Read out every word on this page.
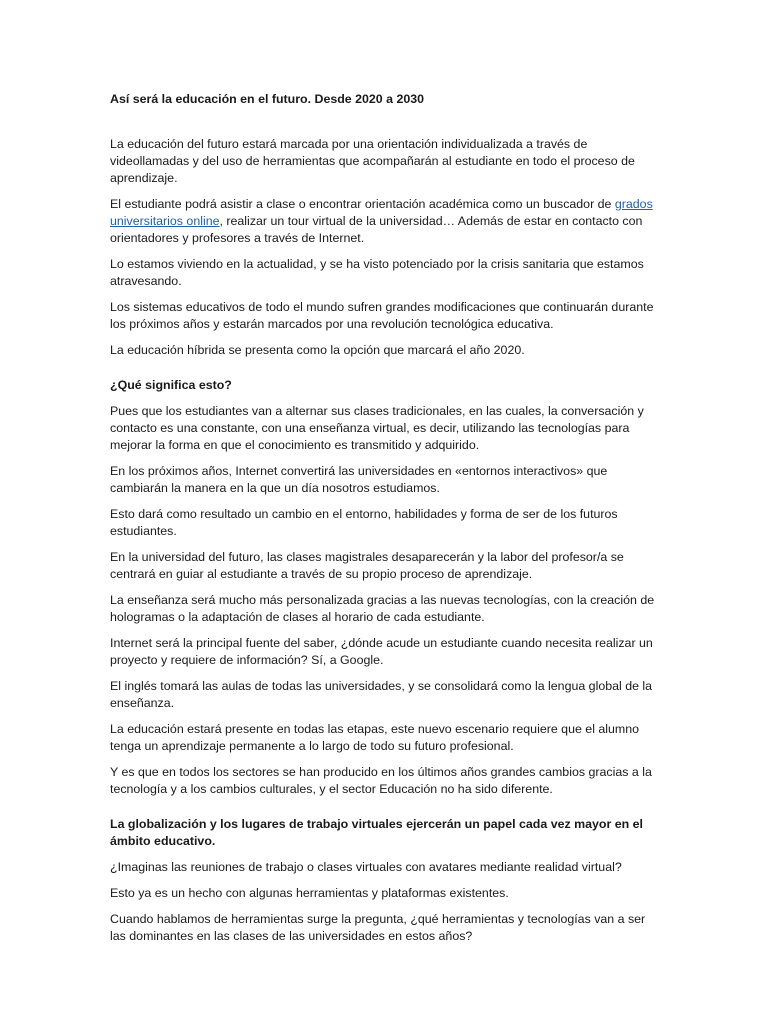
Así será la educación en el futuro. Desde 2020 a 2030

La educación del futuro estará marcada por una orientación individualizada a través de videollamadas y del uso de herramientas que acompañarán al estudiante en todo el proceso de aprendizaje.

El estudiante podrá asistir a clase o encontrar orientación académica como un buscador de grados universitarios online, realizar un tour virtual de la universidad… Además de estar en contacto con orientadores y profesores a través de Internet.

Lo estamos viviendo en la actualidad, y se ha visto potenciado por la crisis sanitaria que estamos atravesando.

Los sistemas educativos de todo el mundo sufren grandes modificaciones que continuarán durante los próximos años y estarán marcados por una revolución tecnológica educativa.

La educación híbrida se presenta como la opción que marcará el año 2020.

¿Qué significa esto?

Pues que los estudiantes van a alternar sus clases tradicionales, en las cuales, la conversación y contacto es una constante, con una enseñanza virtual, es decir, utilizando las tecnologías para mejorar la forma en que el conocimiento es transmitido y adquirido.

En los próximos años, Internet convertirá las universidades en «entornos interactivos» que cambiarán la manera en la que un día nosotros estudiamos.

Esto dará como resultado un cambio en el entorno, habilidades y forma de ser de los futuros estudiantes.

En la universidad del futuro, las clases magistrales desaparecerán y la labor del profesor/a se centrará en guiar al estudiante a través de su propio proceso de aprendizaje.

La enseñanza será mucho más personalizada gracias a las nuevas tecnologías, con la creación de hologramas o la adaptación de clases al horario de cada estudiante.

Internet será la principal fuente del saber, ¿dónde acude un estudiante cuando necesita realizar un proyecto y requiere de información? Sí, a Google.

El inglés tomará las aulas de todas las universidades, y se consolidará como la lengua global de la enseñanza.

La educación estará presente en todas las etapas, este nuevo escenario requiere que el alumno tenga un aprendizaje permanente a lo largo de todo su futuro profesional.

Y es que en todos los sectores se han producido en los últimos años grandes cambios gracias a la tecnología y a los cambios culturales, y el sector Educación no ha sido diferente.

La globalización y los lugares de trabajo virtuales ejercerán un papel cada vez mayor en el ámbito educativo.

¿Imaginas las reuniones de trabajo o clases virtuales con avatares mediante realidad virtual?

Esto ya es un hecho con algunas herramientas y plataformas existentes.

Cuando hablamos de herramientas surge la pregunta, ¿qué herramientas y tecnologías van a ser las dominantes en las clases de las universidades en estos años?
